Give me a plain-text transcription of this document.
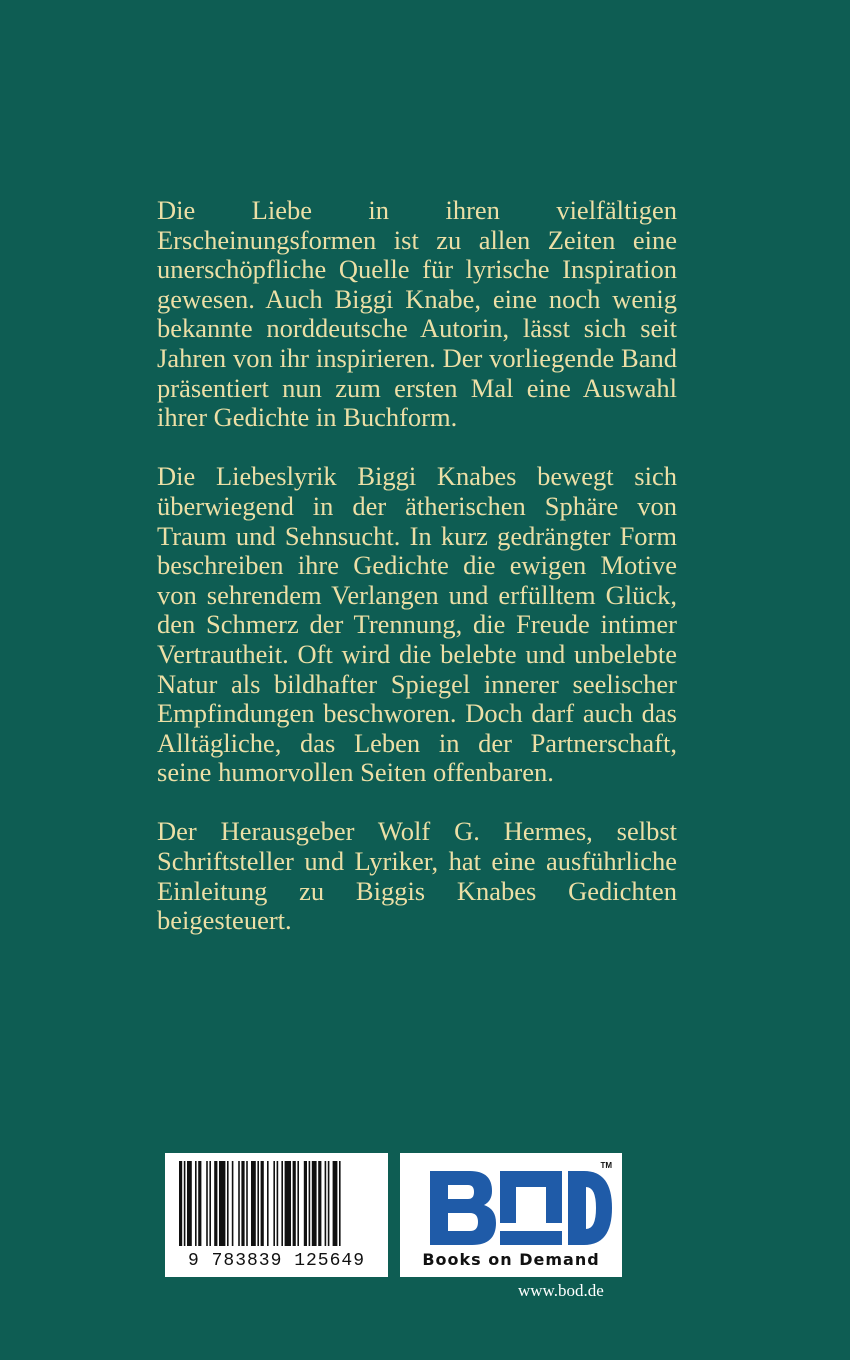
Die Liebe in ihren vielfältigen Erscheinungsformen ist zu allen Zeiten eine unerschöpfliche Quelle für lyrische Inspiration gewesen. Auch Biggi Knabe, eine noch wenig bekannte norddeutsche Autorin, lässt sich seit Jahren von ihr inspirieren. Der vorliegende Band präsentiert nun zum ersten Mal eine Auswahl ihrer Gedichte in Buchform.

Die Liebeslyrik Biggi Knabes bewegt sich überwiegend in der ätherischen Sphäre von Traum und Sehnsucht. In kurz gedrängter Form beschreiben ihre Gedichte die ewigen Motive von sehrendem Verlangen und erfülltem Glück, den Schmerz der Trennung, die Freude intimer Vertrautheit. Oft wird die belebte und unbelebte Natur als bildhafter Spiegel innerer seelischer Empfindungen beschworen. Doch darf auch das Alltägliche, das Leben in der Partnerschaft, seine humorvollen Seiten offenbaren.

Der Herausgeber Wolf G. Hermes, selbst Schriftsteller und Lyriker, hat eine ausführliche Einleitung zu Biggis Knabes Gedichten beigesteuert.

9 783839 125649
TM
Books on Demand
www.bod.de
